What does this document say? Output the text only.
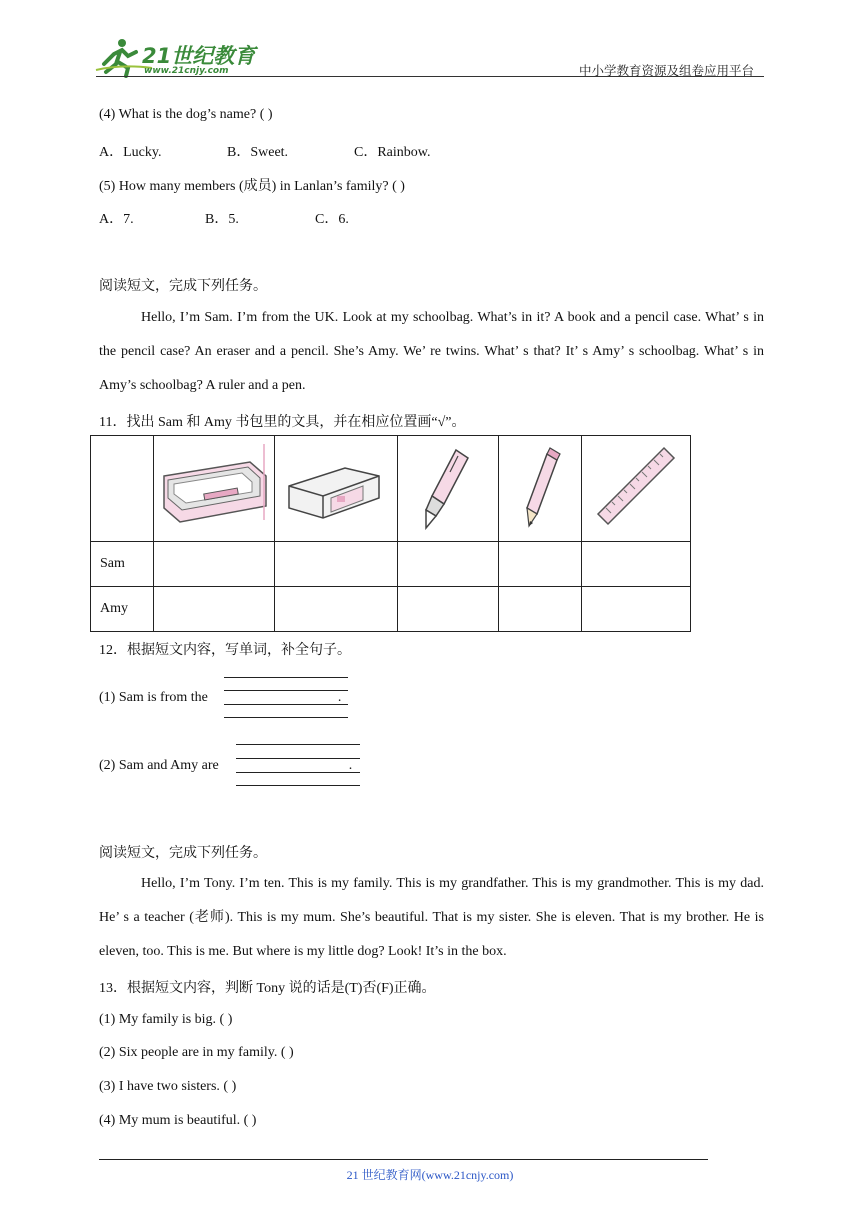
21世纪教育
www.21cnjy.com	中小学教育资源及组卷应用平台
(4) What is the dog’s name? ( )
A．Lucky.	B．Sweet.	C．Rainbow.
(5) How many members (成员) in Lanlan’s family? ( )
A．7.	B．5.	C．6.
阅读短文，完成下列任务。
Hello, I’m Sam. I’m from the UK. Look at my schoolbag. What’s in it? A book and a pencil case. What’ s in the pencil case? An eraser and a pencil. She’s Amy. We’ re twins. What’ s that? It’ s Amy’ s schoolbag. What’ s in Amy’s schoolbag? A ruler and a pen.
11．找出 Sam 和 Amy 书包里的文具，并在相应位置画“√”。

Sam					
Amy					
12．根据短文内容，写单词，补全句子。
(1) Sam is from the	.
(2) Sam and Amy are	.
阅读短文，完成下列任务。
Hello, I’m Tony. I’m ten. This is my family. This is my grandfather. This is my grandmother. This is my dad. He’ s a teacher (老师). This is my mum. She’s beautiful. That is my sister. She is eleven. That is my brother. He is eleven, too. This is me. But where is my little dog? Look! It’s in the box.
13．根据短文内容，判断 Tony 说的话是(T)否(F)正确。
(1) My family is big. ( )
(2) Six people are in my family. ( )
(3) I have two sisters. ( )
(4) My mum is beautiful. ( )
21 世纪教育网(www.21cnjy.com)
